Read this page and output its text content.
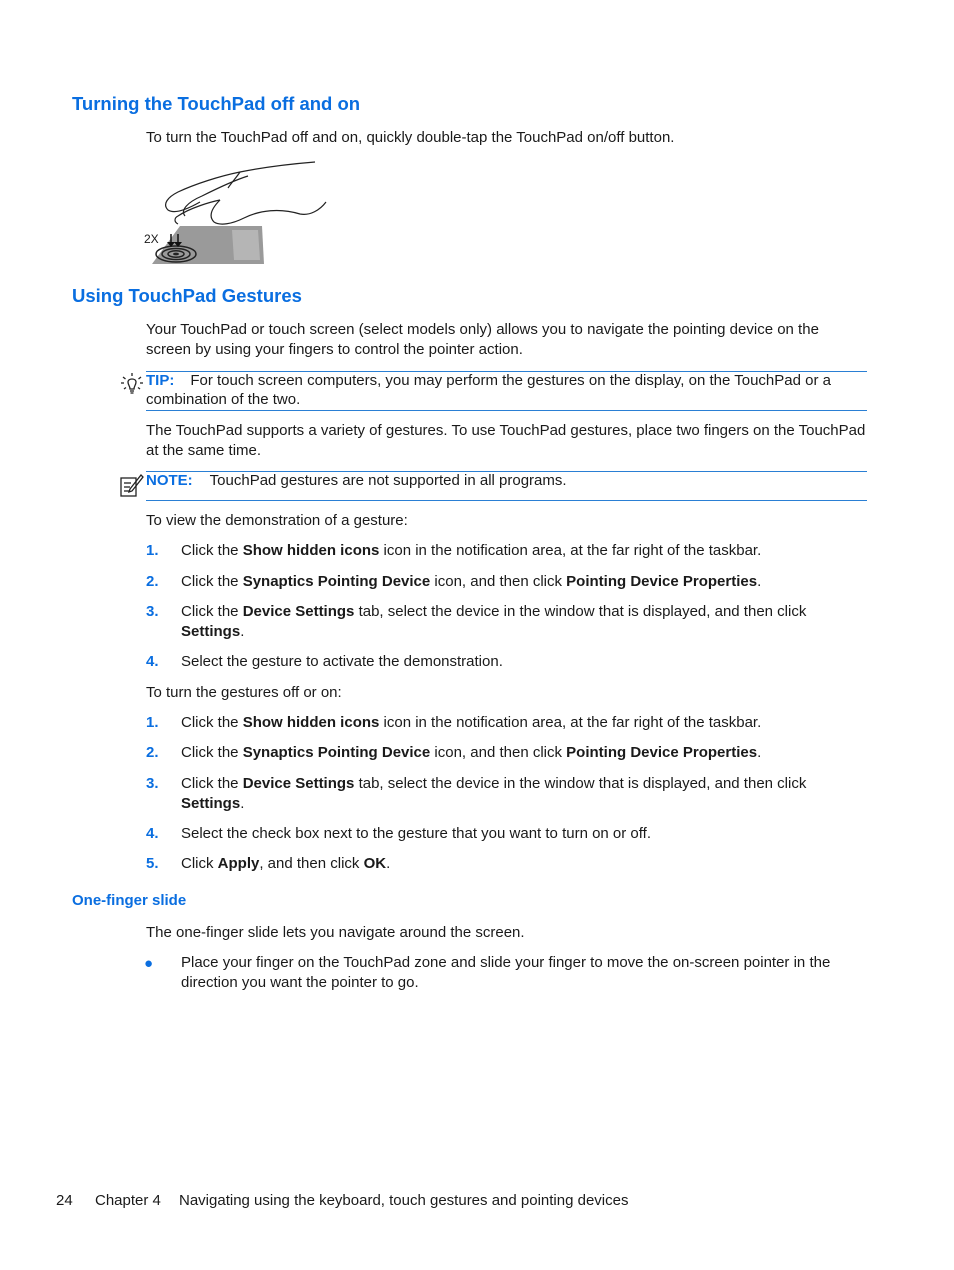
Turning the TouchPad off and on
To turn the TouchPad off and on, quickly double-tap the TouchPad on/off button.
2X
Using TouchPad Gestures
Your TouchPad or touch screen (select models only) allows you to navigate the pointing device on the screen by using your fingers to control the pointer action.
TIP: For touch screen computers, you may perform the gestures on the display, on the TouchPad or a combination of the two.
The TouchPad supports a variety of gestures. To use TouchPad gestures, place two fingers on the TouchPad at the same time.
NOTE: TouchPad gestures are not supported in all programs.
To view the demonstration of a gesture:
1. Click the Show hidden icons icon in the notification area, at the far right of the taskbar.
2. Click the Synaptics Pointing Device icon, and then click Pointing Device Properties.
3. Click the Device Settings tab, select the device in the window that is displayed, and then click Settings.
4. Select the gesture to activate the demonstration.
To turn the gestures off or on:
1. Click the Show hidden icons icon in the notification area, at the far right of the taskbar.
2. Click the Synaptics Pointing Device icon, and then click Pointing Device Properties.
3. Click the Device Settings tab, select the device in the window that is displayed, and then click Settings.
4. Select the check box next to the gesture that you want to turn on or off.
5. Click Apply, and then click OK.
One-finger slide
The one-finger slide lets you navigate around the screen.
● Place your finger on the TouchPad zone and slide your finger to move the on-screen pointer in the direction you want the pointer to go.
24 Chapter 4 Navigating using the keyboard, touch gestures and pointing devices
